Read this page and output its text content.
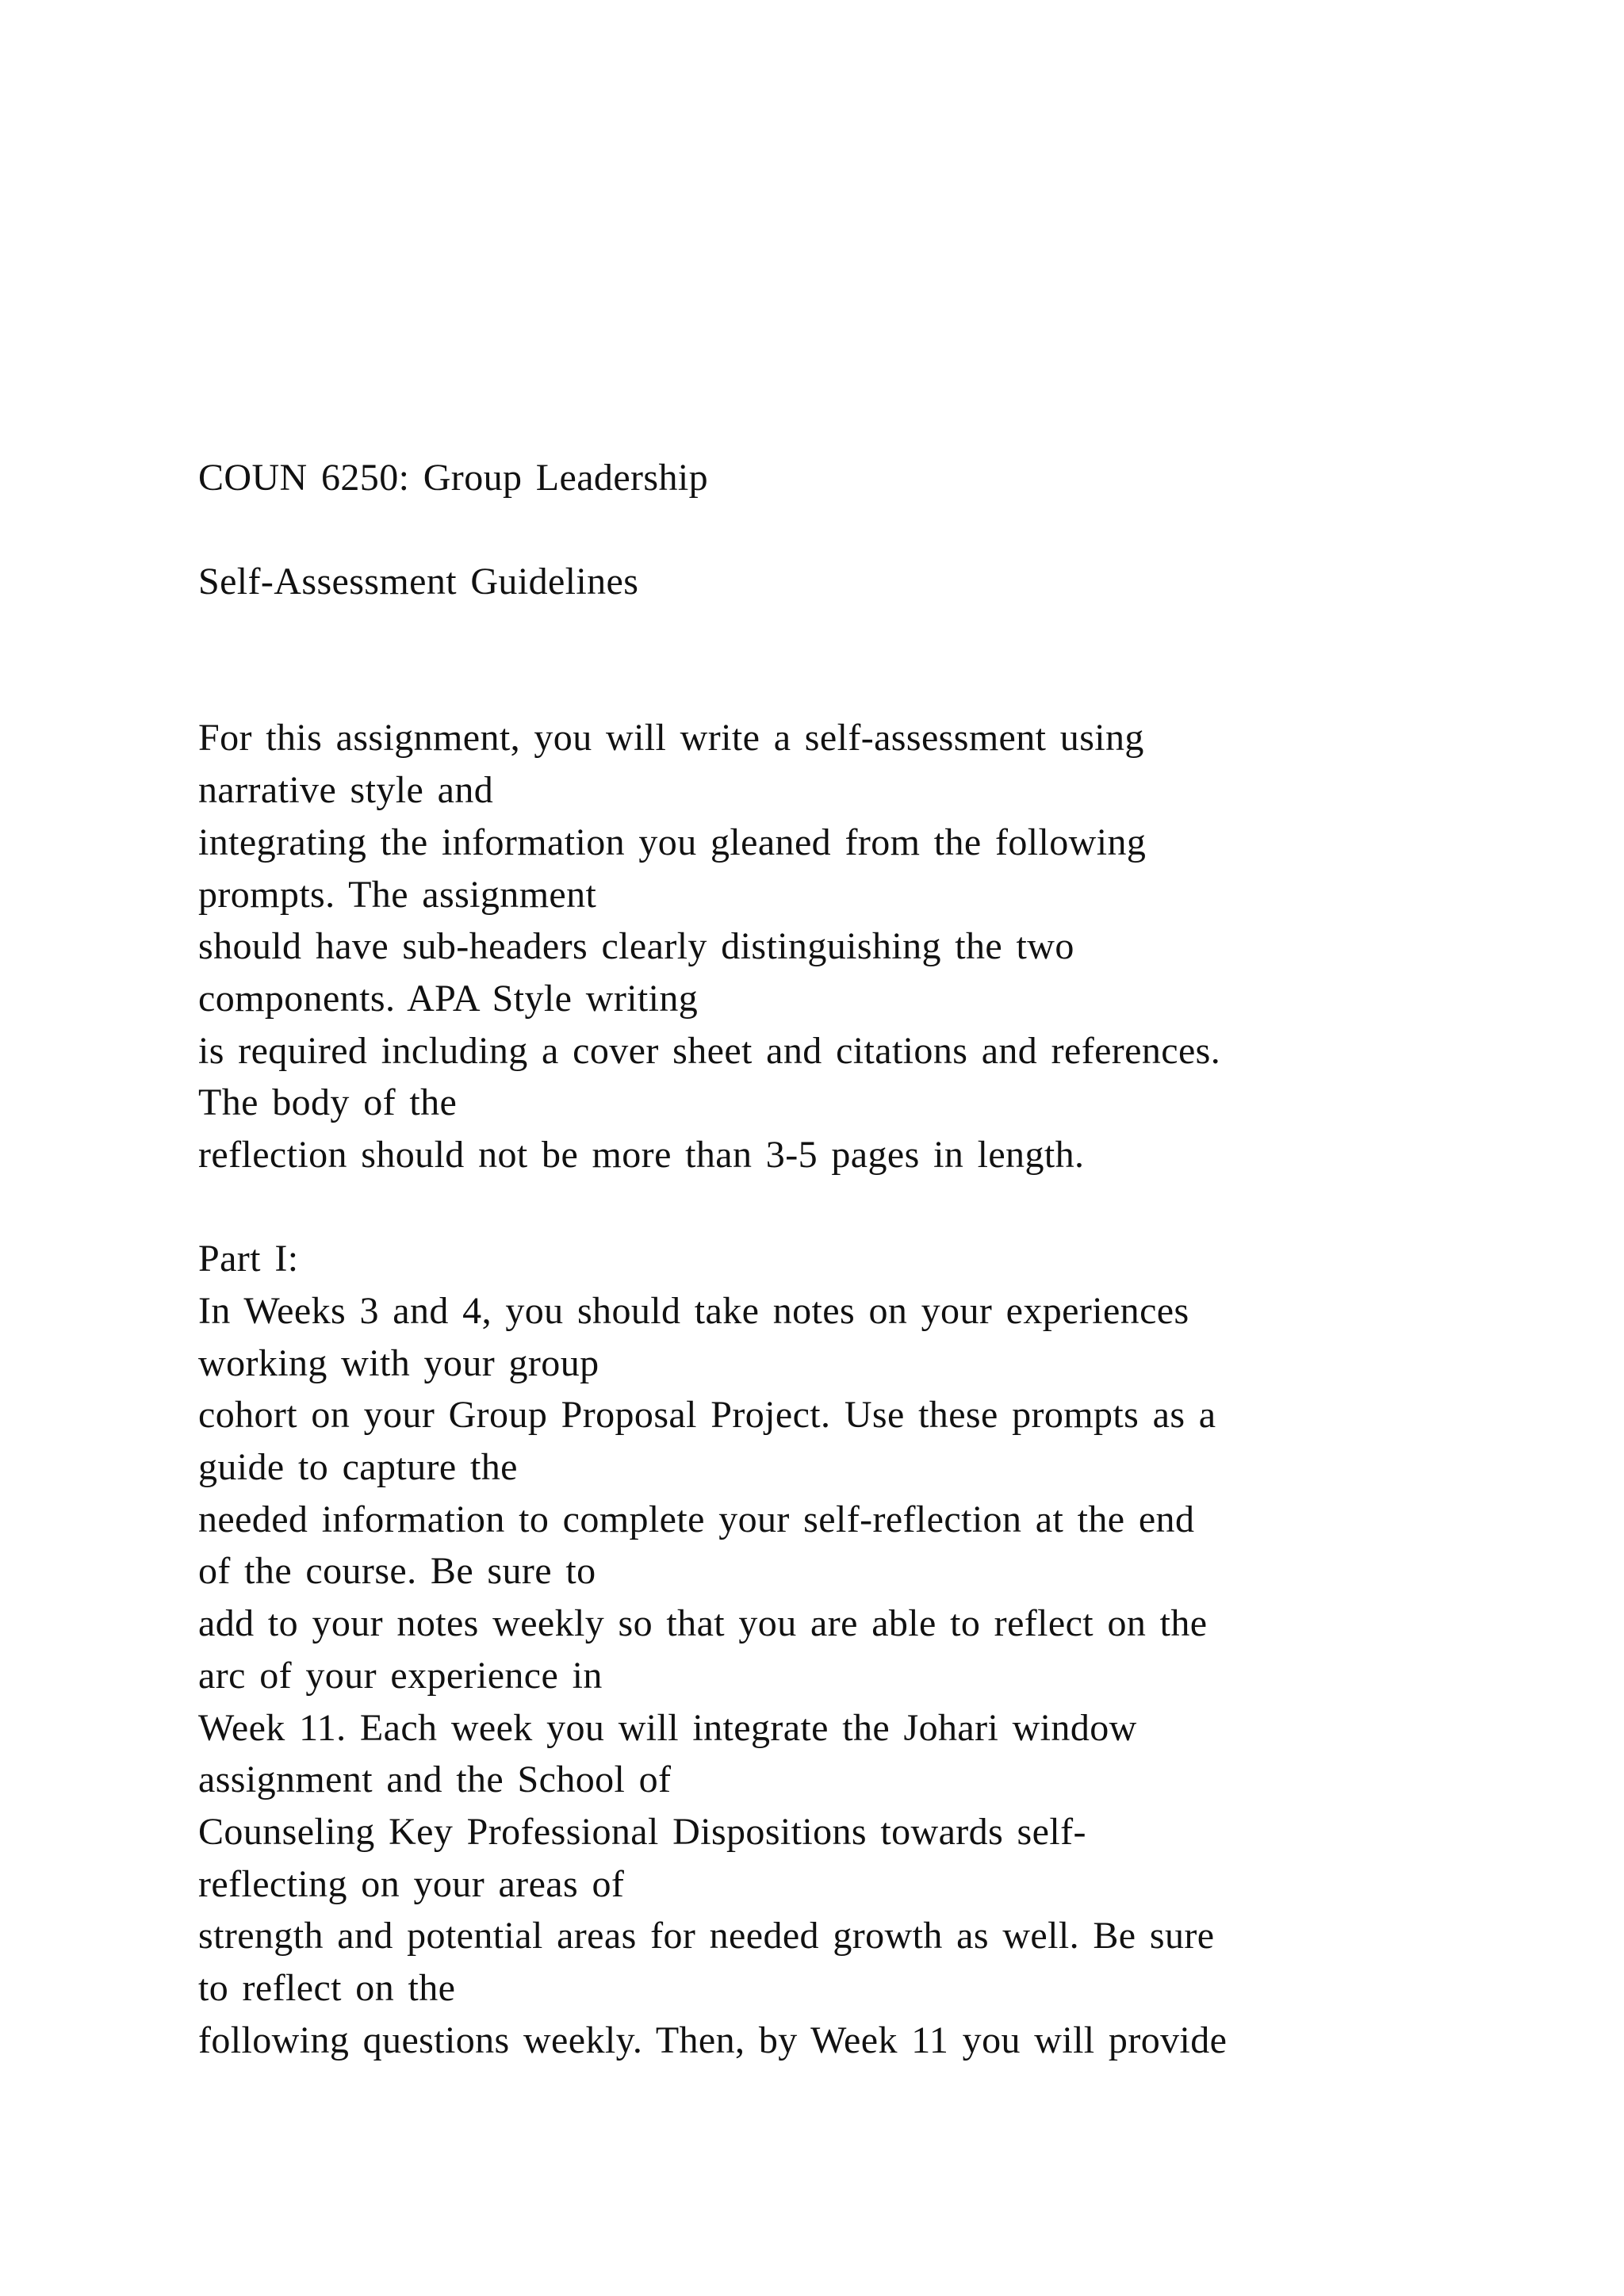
COUN 6250: Group Leadership
Self-Assessment Guidelines
For this assignment, you will write a self-assessment using
narrative style and
integrating the information you gleaned from the following
prompts. The assignment
should have sub-headers clearly distinguishing the two
components. APA Style writing
is required including a cover sheet and citations and references.
The body of the
reflection should not be more than 3-5 pages in length.
Part I:
In Weeks 3 and 4, you should take notes on your experiences
working with your group
cohort on your Group Proposal Project. Use these prompts as a
guide to capture the
needed information to complete your self-reflection at the end
of the course. Be sure to
add to your notes weekly so that you are able to reflect on the
arc of your experience in
Week 11. Each week you will integrate the Johari window
assignment and the School of
Counseling Key Professional Dispositions towards self-
reflecting on your areas of
strength and potential areas for needed growth as well. Be sure
to reflect on the
following questions weekly. Then, by Week 11 you will provide
